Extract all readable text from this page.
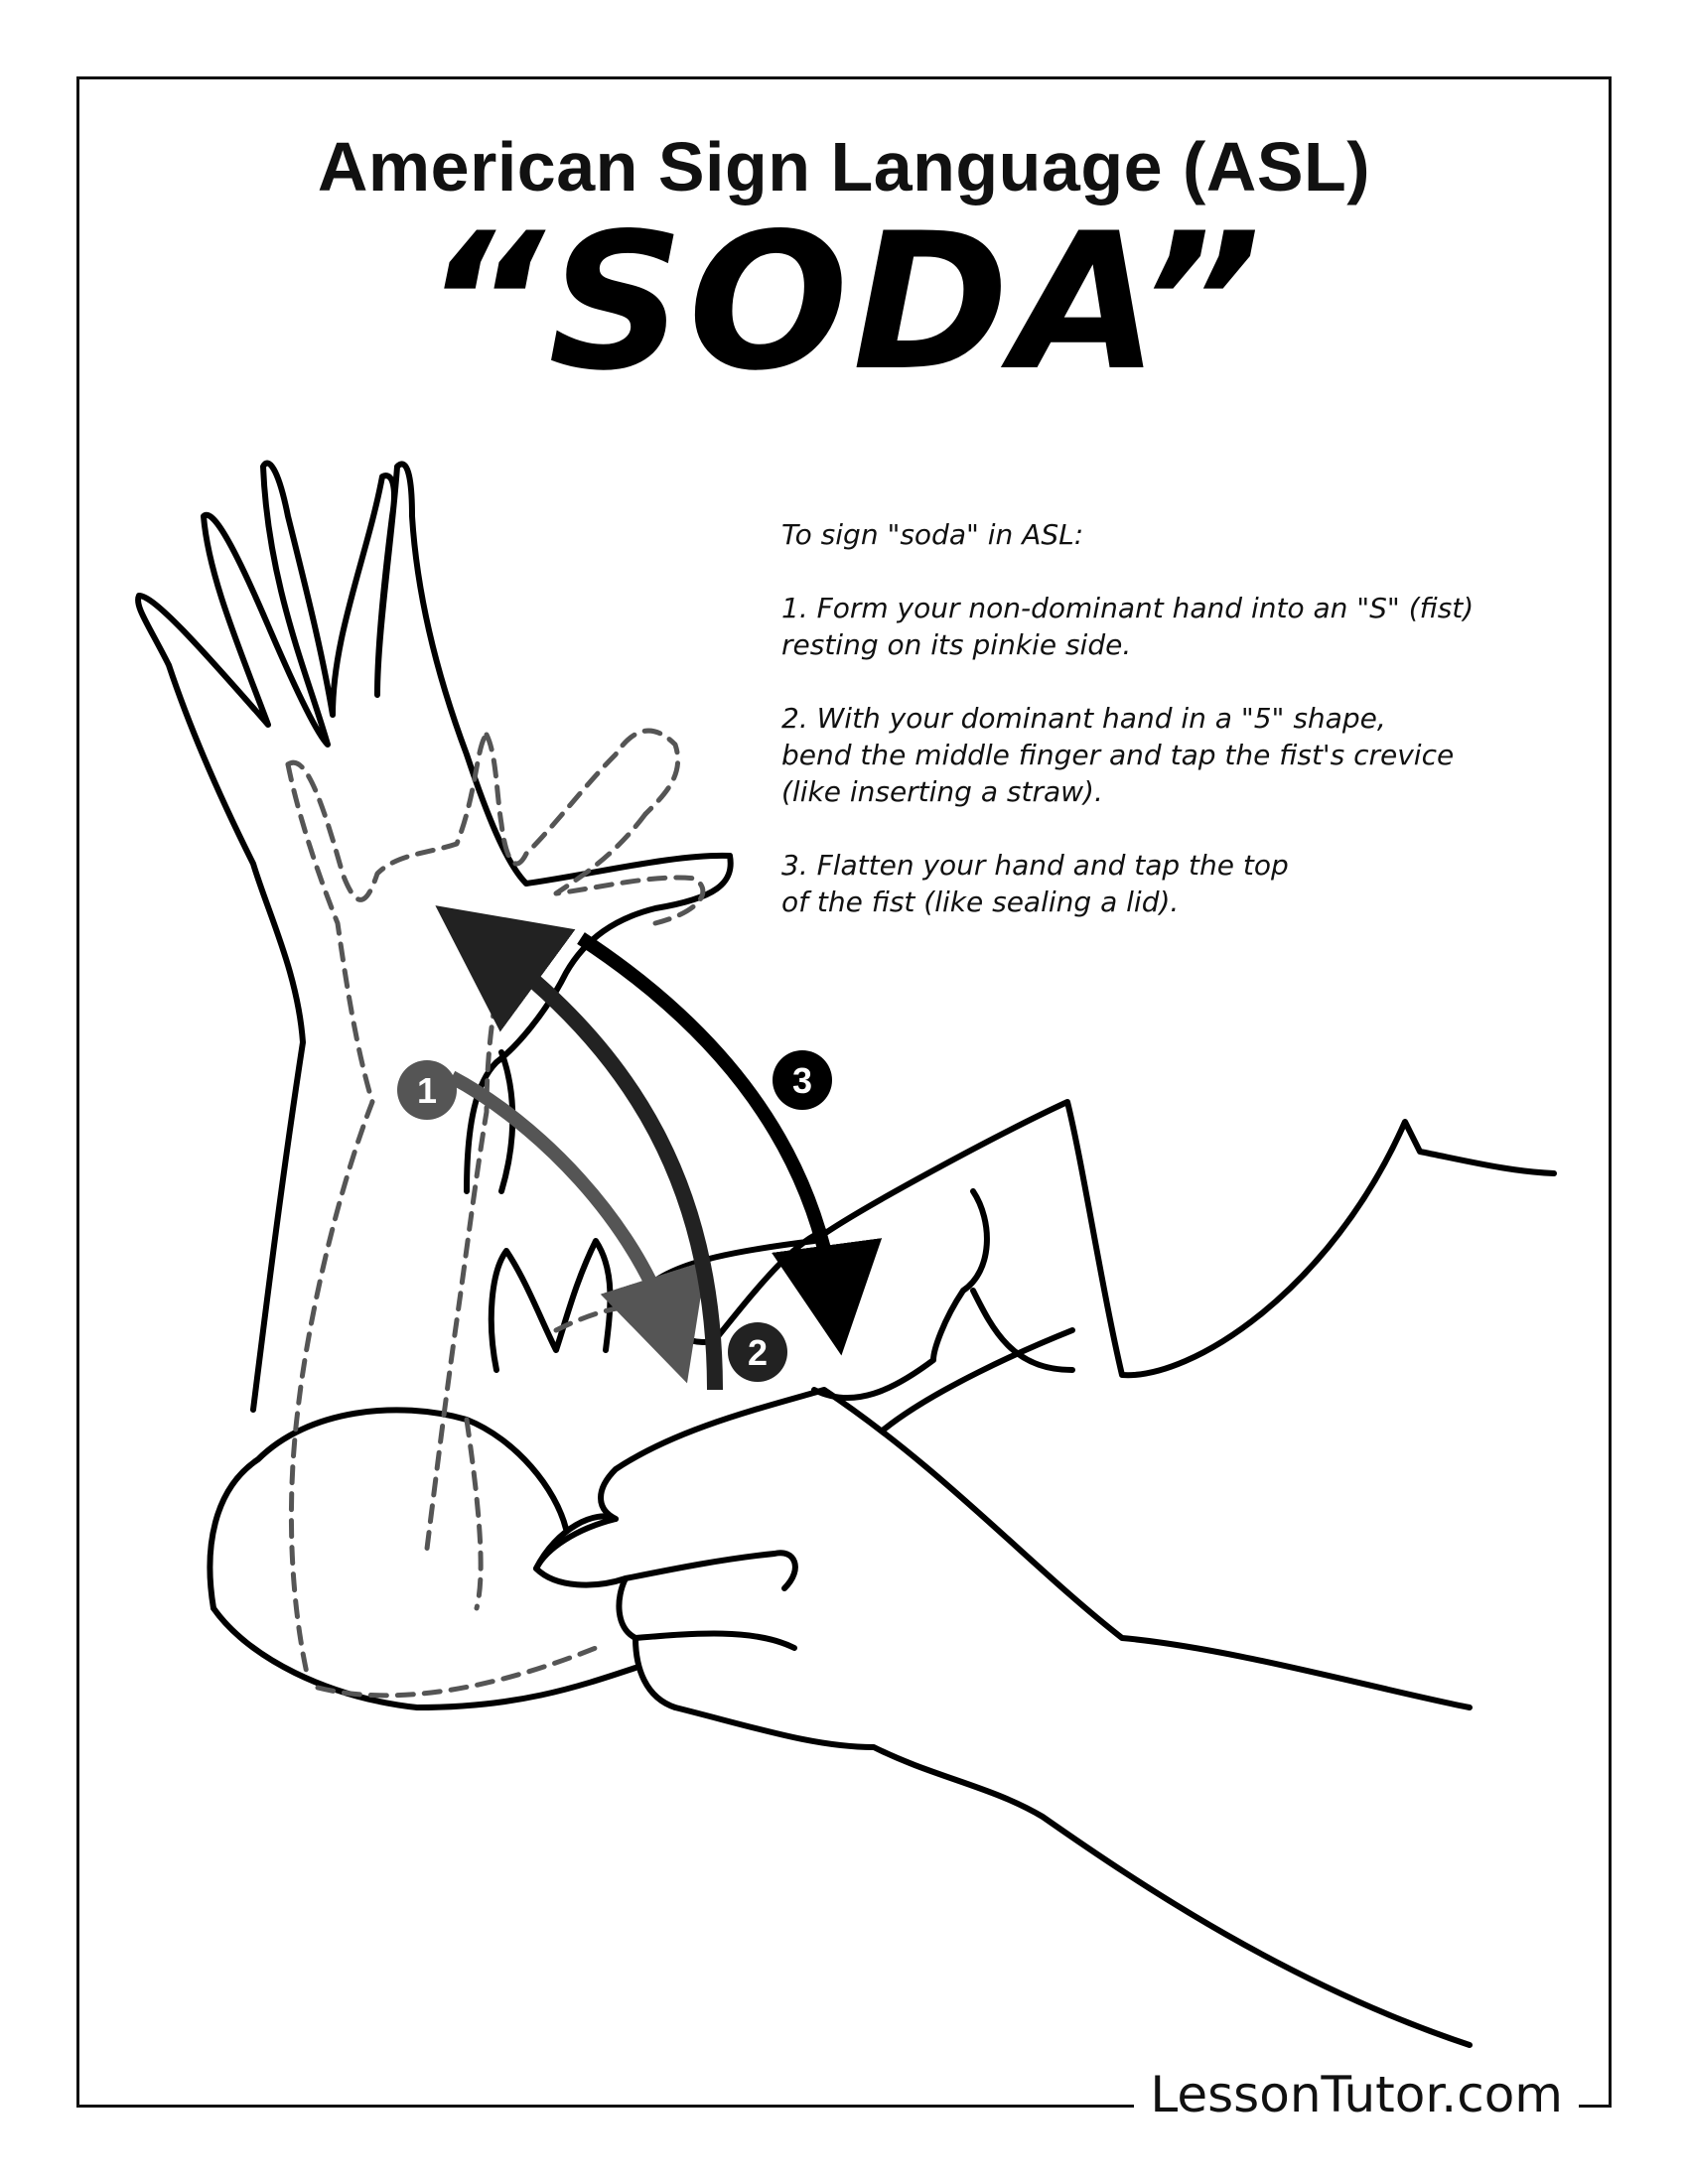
American Sign Language (ASL)
“SODA”

To sign "soda" in ASL:

1. Form your non-dominant hand into an "S" (fist)
resting on its pinkie side.

2. With your dominant hand in a "5" shape,
bend the middle finger and tap the fist's crevice
(like inserting a straw).

3. Flatten your hand and tap the top
of the fist (like sealing a lid).

1
2
3
LessonTutor.com
